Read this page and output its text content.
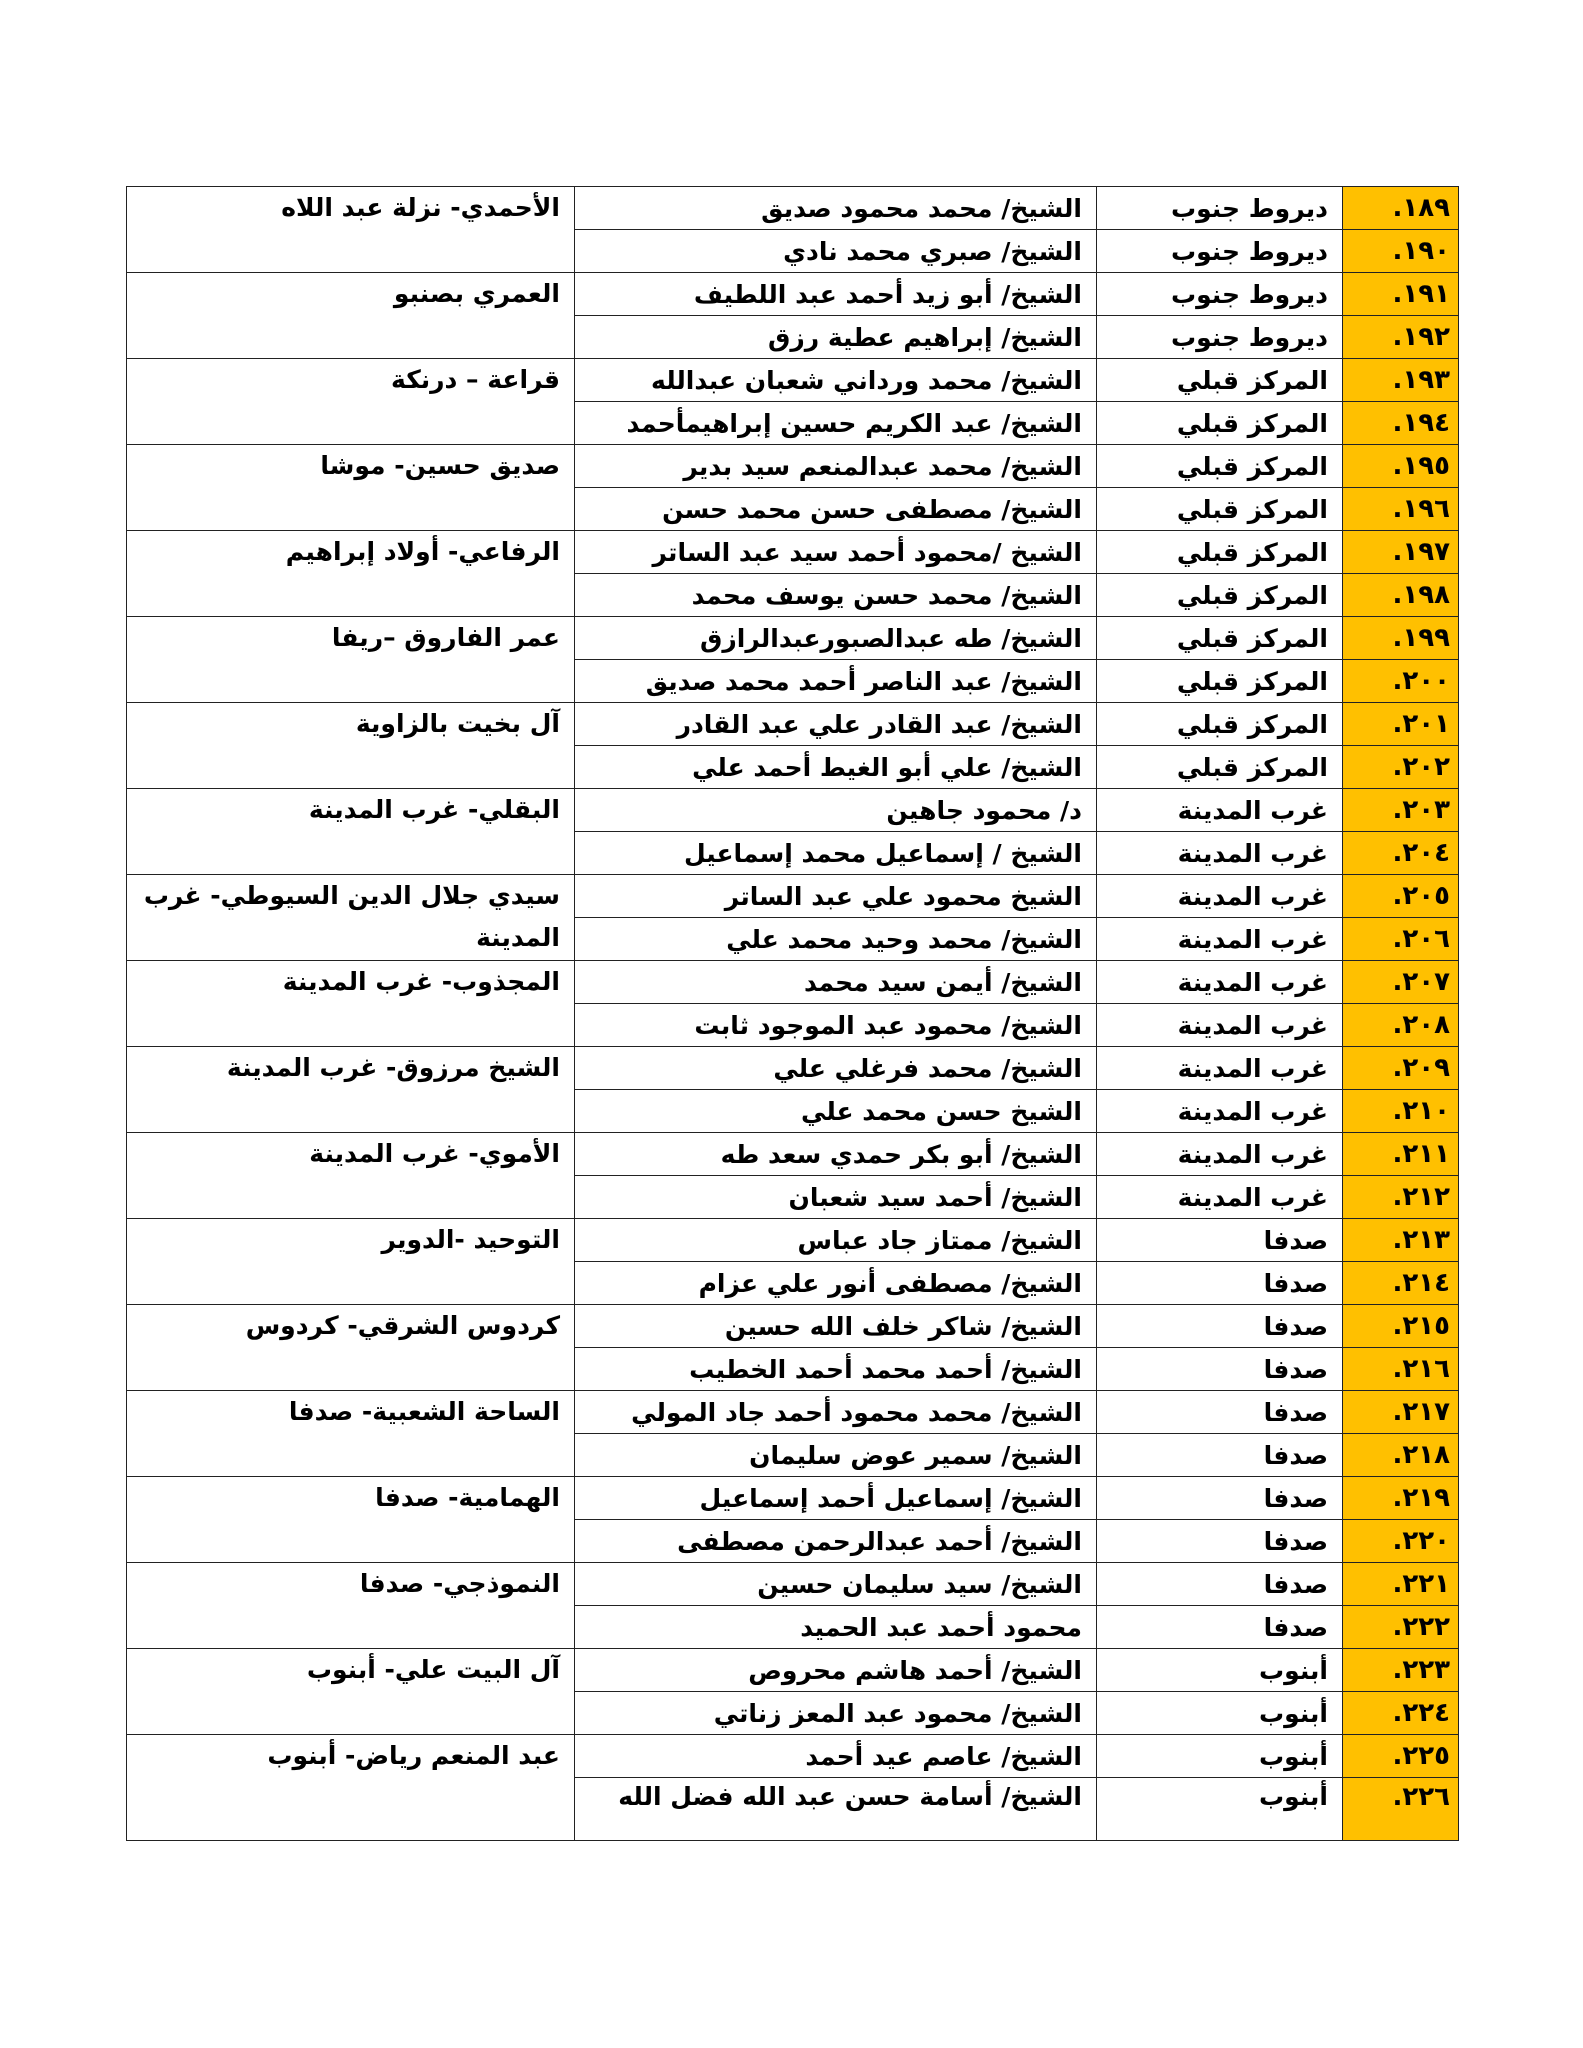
١٨٩.	ديروط جنوب	الشيخ/ محمد محمود صديق	الأحمدي- نزلة عبد اللاه
١٩٠.	ديروط جنوب	الشيخ/ صبري محمد نادي	
١٩١.	ديروط جنوب	الشيخ/ أبو زيد أحمد عبد اللطيف	العمري بصنبو
١٩٢.	ديروط جنوب	الشيخ/ إبراهيم عطية رزق	
١٩٣.	المركز قبلي	الشيخ/ محمد ورداني شعبان عبدالله	قراعة – درنكة
١٩٤.	المركز قبلي	الشيخ/ عبد الكريم حسين إبراهيمأحمد	
١٩٥.	المركز قبلي	الشيخ/ محمد عبدالمنعم سيد بدير	صديق حسين- موشا
١٩٦.	المركز قبلي	الشيخ/ مصطفى حسن محمد حسن	
١٩٧.	المركز قبلي	الشيخ /محمود أحمد سيد عبد الساتر	الرفاعي- أولاد إبراهيم
١٩٨.	المركز قبلي	الشيخ/ محمد حسن يوسف محمد	
١٩٩.	المركز قبلي	الشيخ/ طه عبدالصبورعبدالرازق	عمر الفاروق –ريفا
٢٠٠.	المركز قبلي	الشيخ/ عبد الناصر أحمد محمد صديق	
٢٠١.	المركز قبلي	الشيخ/ عبد القادر علي عبد القادر	آل بخيت بالزاوية
٢٠٢.	المركز قبلي	الشيخ/ علي أبو الغيط أحمد علي	
٢٠٣.	غرب المدينة	د/ محمود جاهين	البقلي- غرب المدينة
٢٠٤.	غرب المدينة	الشيخ / إسماعيل محمد إسماعيل	
٢٠٥.	غرب المدينة	الشيخ محمود علي عبد الساتر	سيدي جلال الدين السيوطي- غرب المدينة
٢٠٦.	غرب المدينة	الشيخ/ محمد وحيد محمد علي	
٢٠٧.	غرب المدينة	الشيخ/ أيمن سيد محمد	المجذوب- غرب المدينة
٢٠٨.	غرب المدينة	الشيخ/ محمود عبد الموجود ثابت	
٢٠٩.	غرب المدينة	الشيخ/ محمد فرغلي علي	الشيخ مرزوق- غرب المدينة
٢١٠.	غرب المدينة	الشيخ حسن محمد علي	
٢١١.	غرب المدينة	الشيخ/ أبو بكر حمدي سعد طه	الأموي- غرب المدينة
٢١٢.	غرب المدينة	الشيخ/ أحمد سيد شعبان	
٢١٣.	صدفا	الشيخ/ ممتاز جاد عباس	التوحيد -الدوير
٢١٤.	صدفا	الشيخ/ مصطفى أنور علي عزام	
٢١٥.	صدفا	الشيخ/ شاكر خلف الله حسين	كردوس الشرقي- كردوس
٢١٦.	صدفا	الشيخ/ أحمد محمد أحمد الخطيب	
٢١٧.	صدفا	الشيخ/ محمد محمود أحمد جاد المولي	الساحة الشعبية- صدفا
٢١٨.	صدفا	الشيخ/ سمير عوض سليمان	
٢١٩.	صدفا	الشيخ/ إسماعيل أحمد إسماعيل	الهمامية- صدفا
٢٢٠.	صدفا	الشيخ/ أحمد عبدالرحمن مصطفى	
٢٢١.	صدفا	الشيخ/ سيد سليمان حسين	النموذجي- صدفا
٢٢٢.	صدفا	محمود أحمد عبد الحميد	
٢٢٣.	أبنوب	الشيخ/ أحمد هاشم محروص	آل البيت علي- أبنوب
٢٢٤.	أبنوب	الشيخ/ محمود عبد المعز زناتي	
٢٢٥.	أبنوب	الشيخ/ عاصم عيد أحمد	عبد المنعم رياض- أبنوب
٢٢٦.	أبنوب	الشيخ/ أسامة حسن عبد الله فضل الله	
